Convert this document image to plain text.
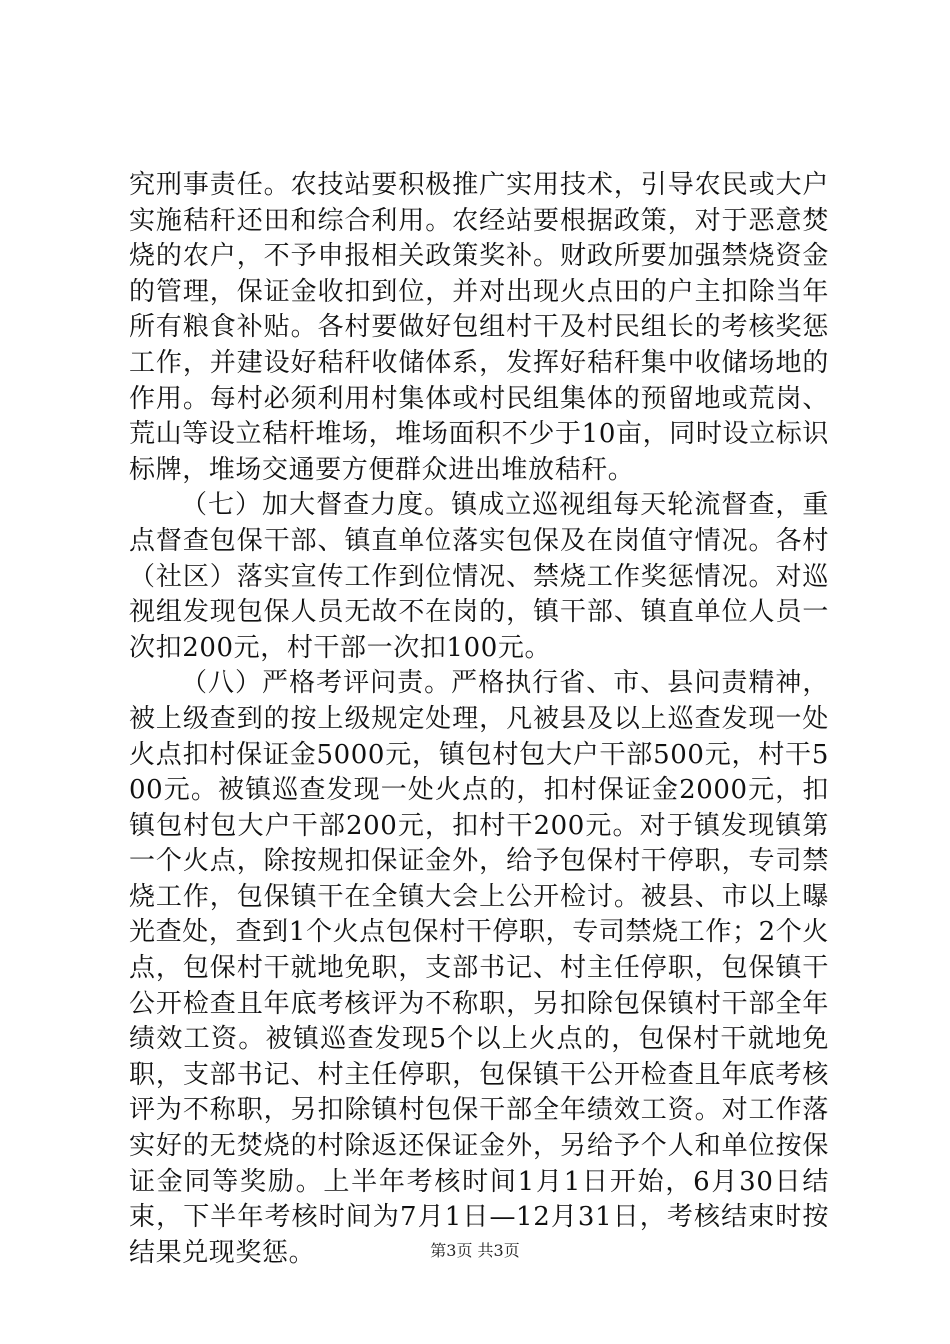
究刑事责任。农技站要积极推广实用技术，引导农民或大户实施秸秆还田和综合利用。农经站要根据政策，对于恶意焚烧的农户，不予申报相关政策奖补。财政所要加强禁烧资金的管理，保证金收扣到位，并对出现火点田的户主扣除当年所有粮食补贴。各村要做好包组村干及村民组长的考核奖惩工作，并建设好秸秆收储体系，发挥好秸秆集中收储场地的作用。每村必须利用村集体或村民组集体的预留地或荒岗、荒山等设立秸杆堆场，堆场面积不少于10亩，同时设立标识标牌，堆场交通要方便群众进出堆放秸秆。

（七）加大督查力度。镇成立巡视组每天轮流督查，重点督查包保干部、镇直单位落实包保及在岗值守情况。各村（社区）落实宣传工作到位情况、禁烧工作奖惩情况。对巡视组发现包保人员无故不在岗的，镇干部、镇直单位人员一次扣200元，村干部一次扣100元。

（八）严格考评问责。严格执行省、市、县问责精神，被上级查到的按上级规定处理，凡被县及以上巡查发现一处火点扣村保证金5000元，镇包村包大户干部500元，村干500元。被镇巡查发现一处火点的，扣村保证金2000元，扣镇包村包大户干部200元，扣村干200元。对于镇发现镇第一个火点，除按规扣保证金外，给予包保村干停职，专司禁烧工作，包保镇干在全镇大会上公开检讨。被县、市以上曝光查处，查到1个火点包保村干停职，专司禁烧工作；2个火点，包保村干就地免职，支部书记、村主任停职，包保镇干公开检查且年底考核评为不称职，另扣除包保镇村干部全年绩效工资。被镇巡查发现5个以上火点的，包保村干就地免职，支部书记、村主任停职，包保镇干公开检查且年底考核评为不称职，另扣除镇村包保干部全年绩效工资。对工作落实好的无焚烧的村除返还保证金外，另给予个人和单位按保证金同等奖励。上半年考核时间1月1日开始，6月30日结束，下半年考核时间为7月1日—12月31日，考核结束时按结果兑现奖惩。	第3页 共3页
